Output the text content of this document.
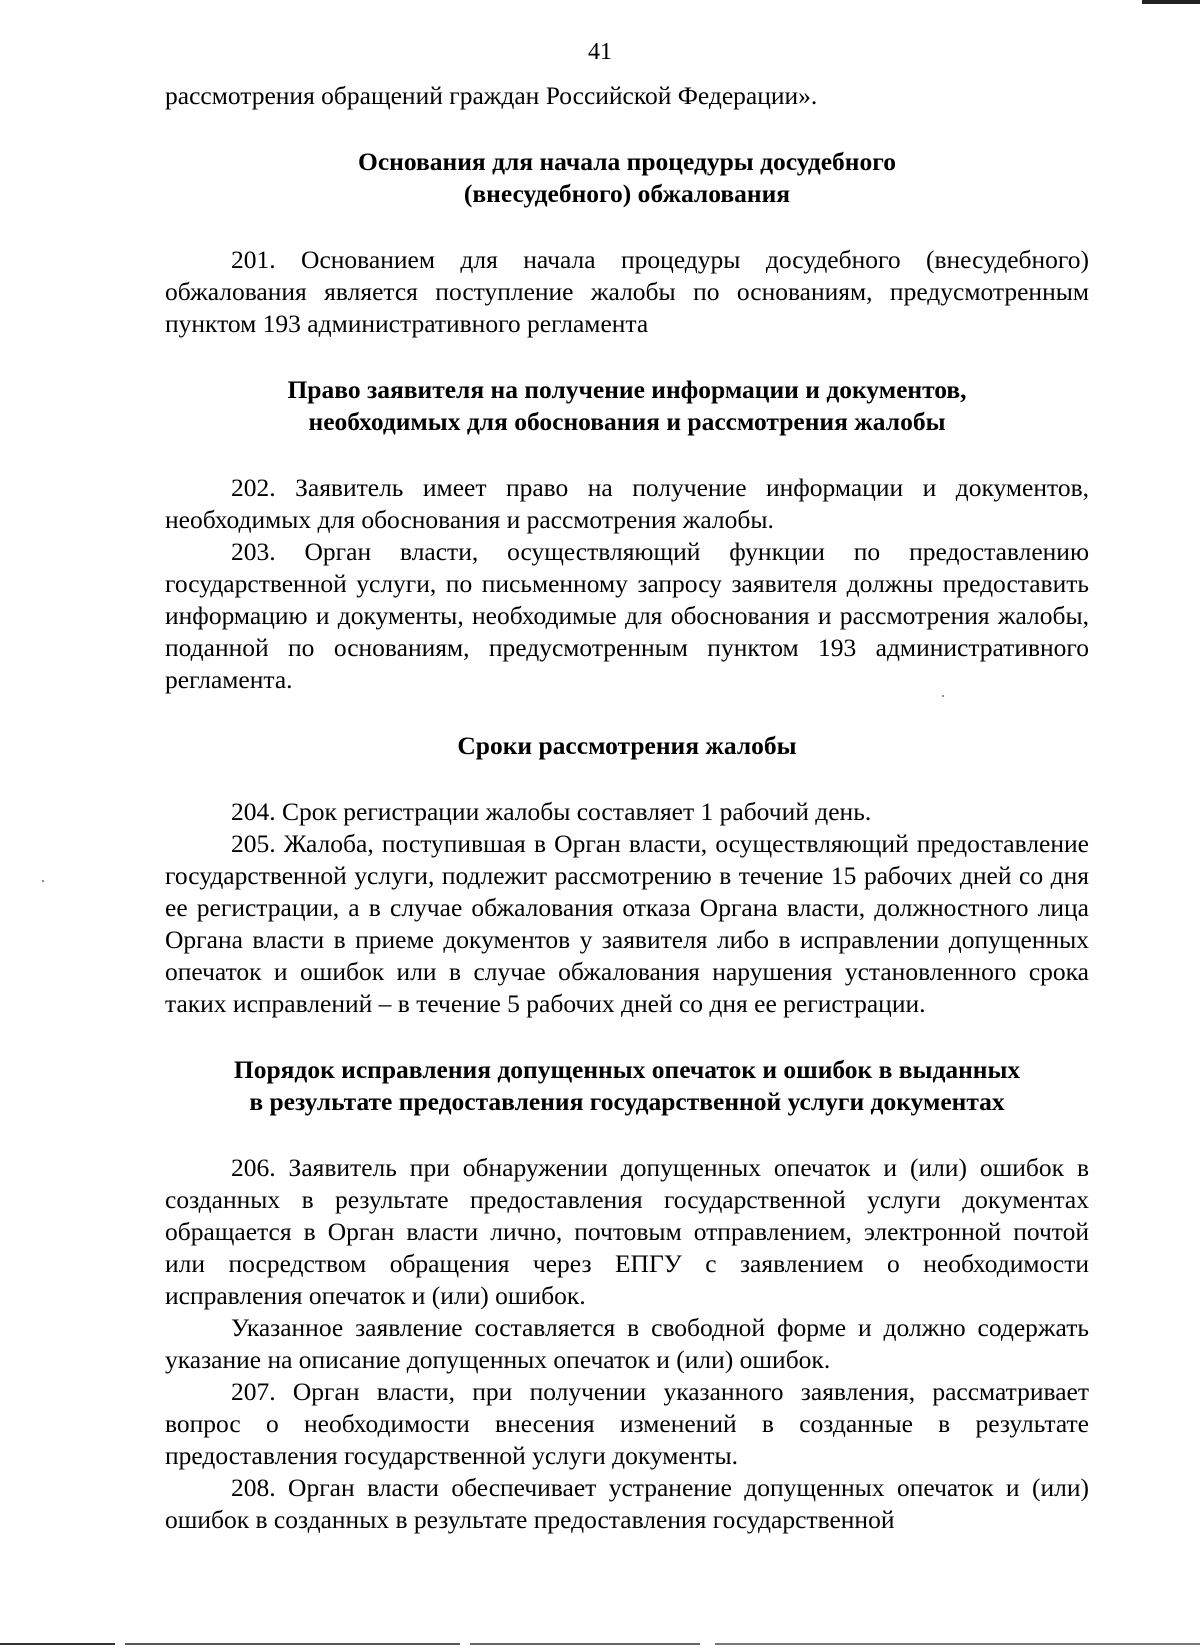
41

рассмотрения обращений граждан Российской Федерации».

Основания для начала процедуры досудебного
(внесудебного) обжалования

201. Основанием для начала процедуры досудебного (внесудебного) обжалования является поступление жалобы по основаниям, предусмотренным пунктом 193 административного регламента

Право заявителя на получение информации и документов,
необходимых для обоснования и рассмотрения жалобы

202. Заявитель имеет право на получение информации и документов, необходимых для обоснования и рассмотрения жалобы.

203. Орган власти, осуществляющий функции по предоставлению государственной услуги, по письменному запросу заявителя должны предоставить информацию и документы, необходимые для обоснования и рассмотрения жалобы, поданной по основаниям, предусмотренным пунктом 193 административного регламента.

Сроки рассмотрения жалобы

204. Срок регистрации жалобы составляет 1 рабочий день.

205. Жалоба, поступившая в Орган власти, осуществляющий предоставление государственной услуги, подлежит рассмотрению в течение 15 рабочих дней со дня ее регистрации, а в случае обжалования отказа Органа власти, должностного лица Органа власти в приеме документов у заявителя либо в исправлении допущенных опечаток и ошибок или в случае обжалования нарушения установленного срока таких исправлений – в течение 5 рабочих дней со дня ее регистрации.

Порядок исправления допущенных опечаток и ошибок в выданных
в результате предоставления государственной услуги документах

206. Заявитель при обнаружении допущенных опечаток и (или) ошибок в созданных в результате предоставления государственной услуги документах обращается в Орган власти лично, почтовым отправлением, электронной почтой или посредством обращения через ЕПГУ с заявлением о необходимости исправления опечаток и (или) ошибок.

Указанное заявление составляется в свободной форме и должно содержать указание на описание допущенных опечаток и (или) ошибок.

207. Орган власти, при получении указанного заявления, рассматривает вопрос о необходимости внесения изменений в созданные в результате предоставления государственной услуги документы.

208. Орган власти обеспечивает устранение допущенных опечаток и (или) ошибок в созданных в результате предоставления государственной
